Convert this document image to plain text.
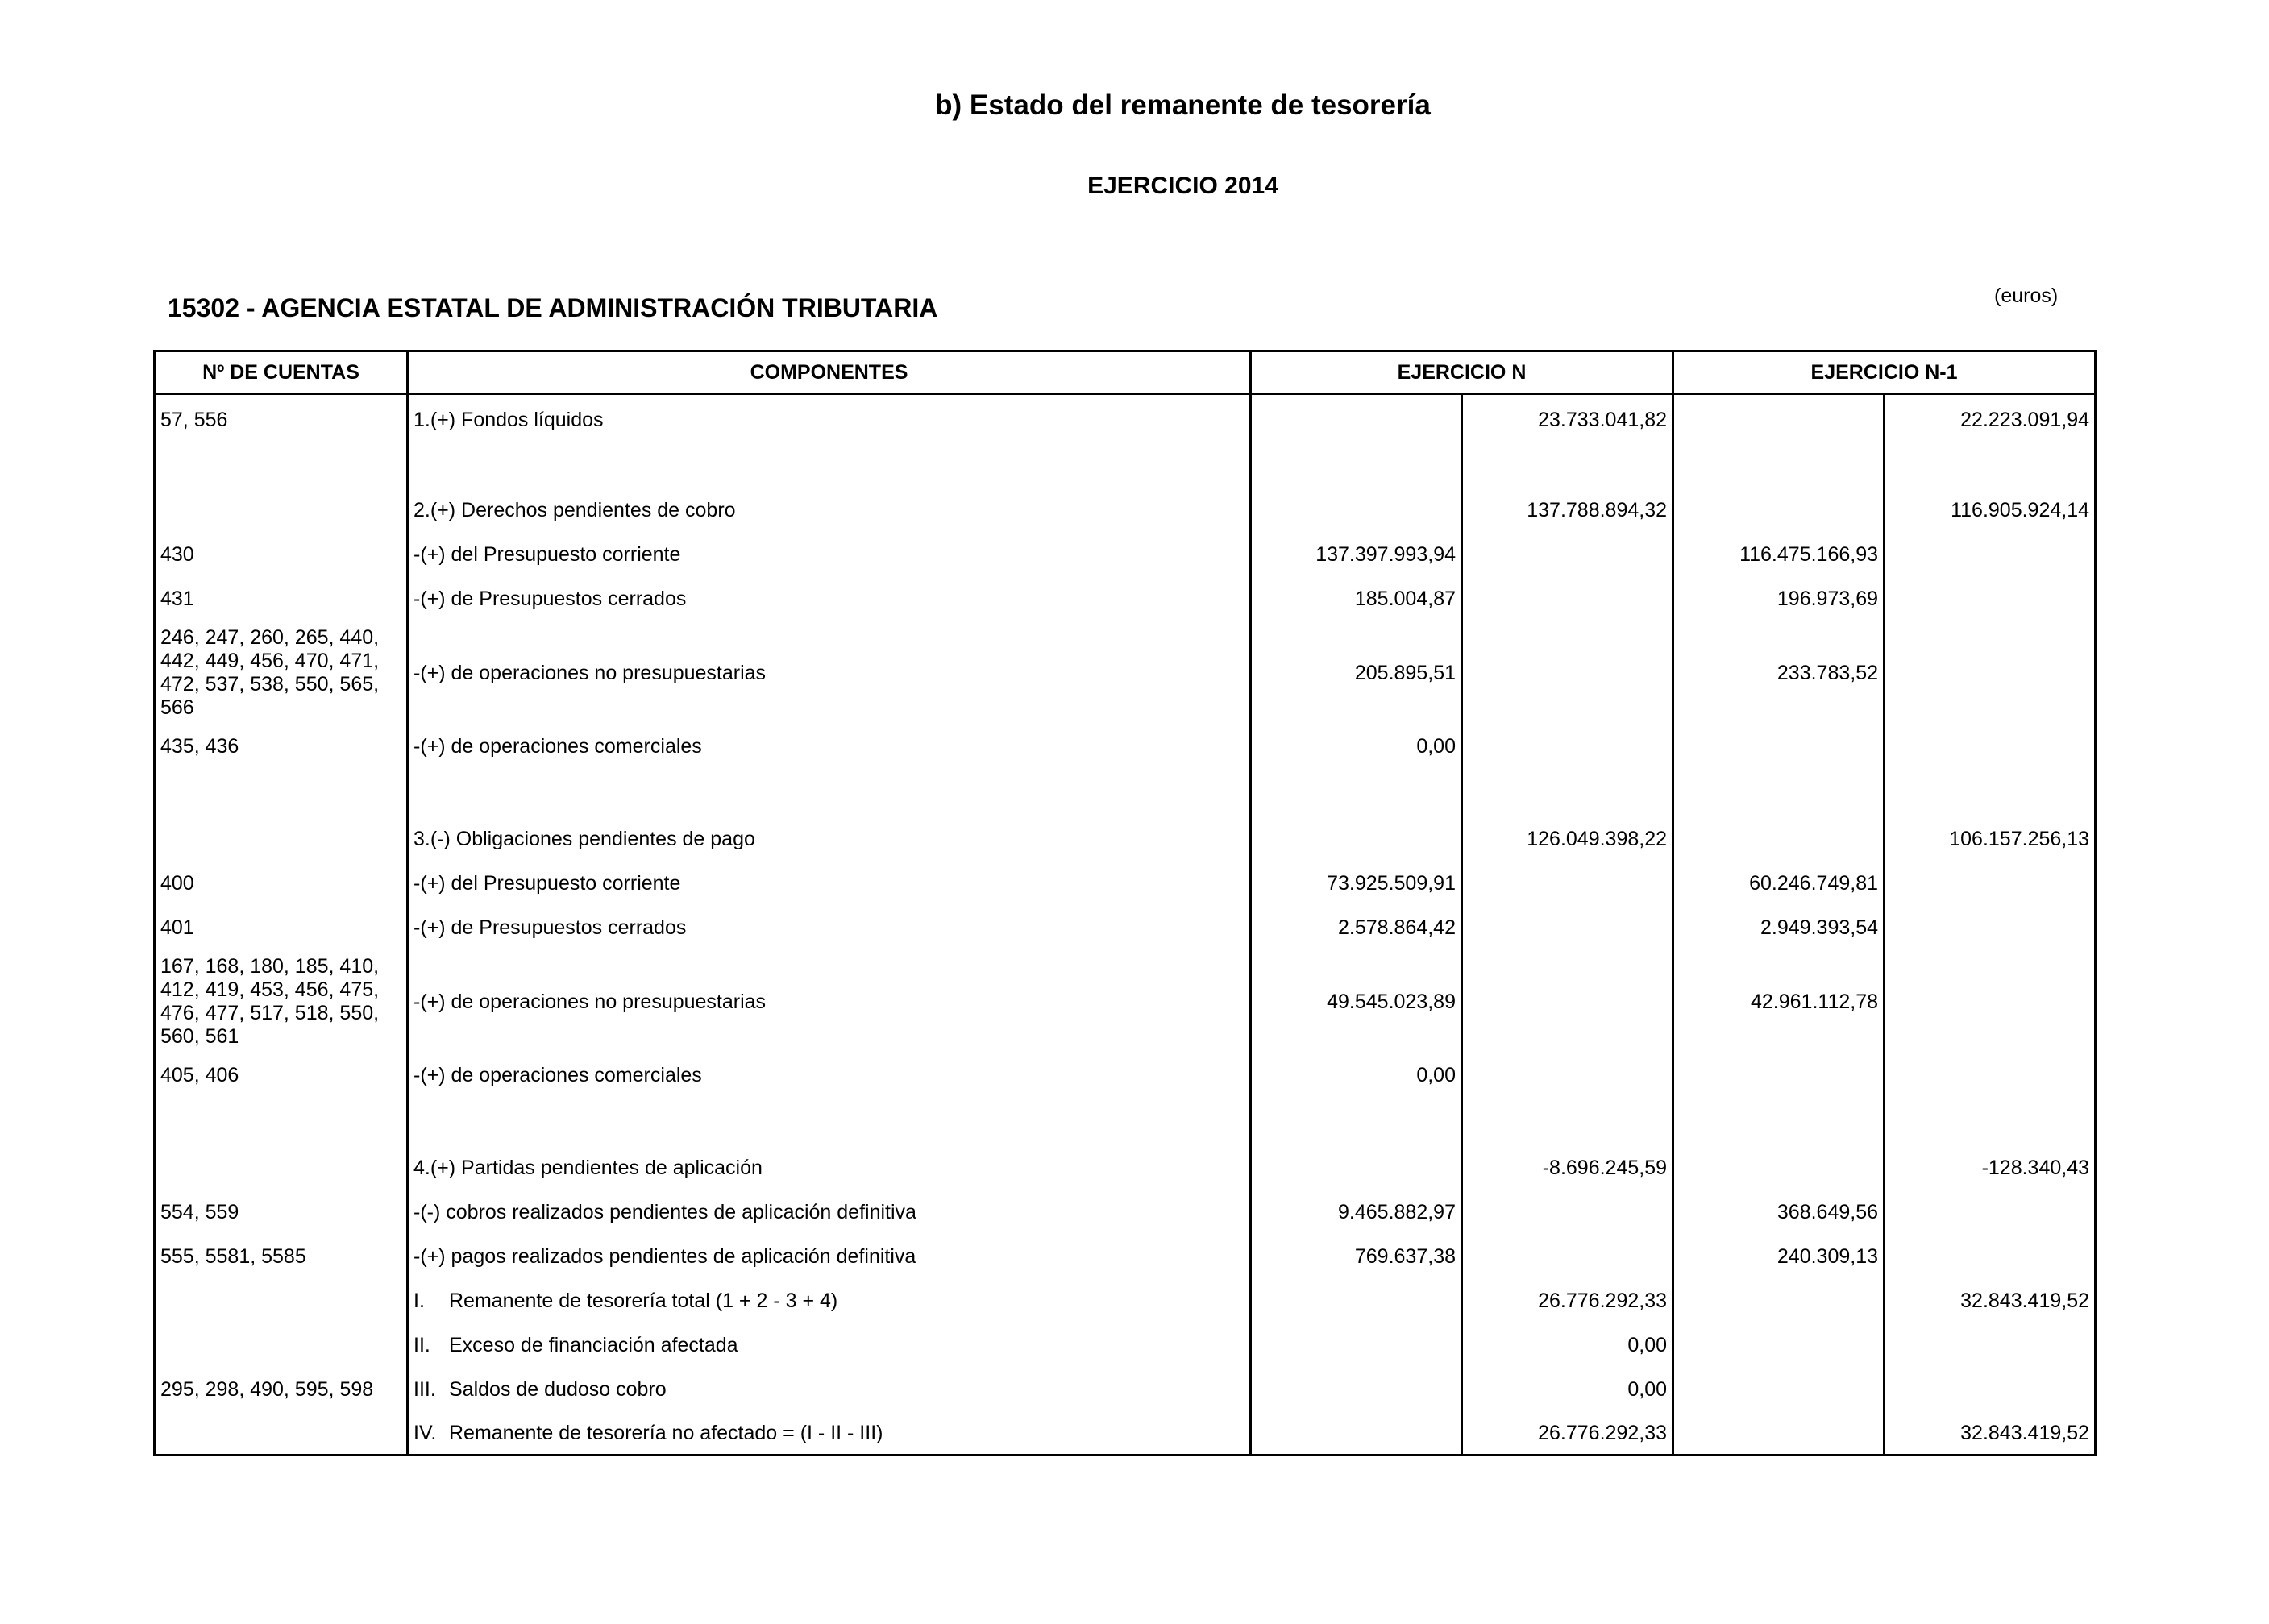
b) Estado del remanente de tesorería
EJERCICIO 2014
15302 - AGENCIA ESTATAL DE ADMINISTRACIÓN TRIBUTARIA	(euros)
Nº DE CUENTAS	COMPONENTES	EJERCICIO N		EJERCICIO N-1	
57, 556	1.(+) Fondos líquidos		23.733.041,82		22.223.091,94

	2.(+) Derechos pendientes de cobro		137.788.894,32		116.905.924,14
430	-(+) del Presupuesto corriente	137.397.993,94		116.475.166,93	
431	-(+) de Presupuestos cerrados	185.004,87		196.973,69	
246, 247, 260, 265, 440, 442, 449, 456, 470, 471, 472, 537, 538, 550, 565, 566	-(+) de operaciones no presupuestarias	205.895,51		233.783,52	
435, 436	-(+) de operaciones comerciales	0,00			

	3.(-) Obligaciones pendientes de pago		126.049.398,22		106.157.256,13
400	-(+) del Presupuesto corriente	73.925.509,91		60.246.749,81	
401	-(+) de Presupuestos cerrados	2.578.864,42		2.949.393,54	
167, 168, 180, 185, 410, 412, 419, 453, 456, 475, 476, 477, 517, 518, 550, 560, 561	-(+) de operaciones no presupuestarias	49.545.023,89		42.961.112,78	
405, 406	-(+) de operaciones comerciales	0,00			

	4.(+) Partidas pendientes de aplicación		-8.696.245,59		-128.340,43
554, 559	-(-) cobros realizados pendientes de aplicación definitiva	9.465.882,97		368.649,56	
555, 5581, 5585	-(+) pagos realizados pendientes de aplicación definitiva	769.637,38		240.309,13	
	I. Remanente de tesorería total (1 + 2 - 3 + 4)		26.776.292,33		32.843.419,52
	II. Exceso de financiación afectada		0,00		
295, 298, 490, 595, 598	III. Saldos de dudoso cobro		0,00		
	IV. Remanente de tesorería no afectado = (I - II - III)		26.776.292,33		32.843.419,52
